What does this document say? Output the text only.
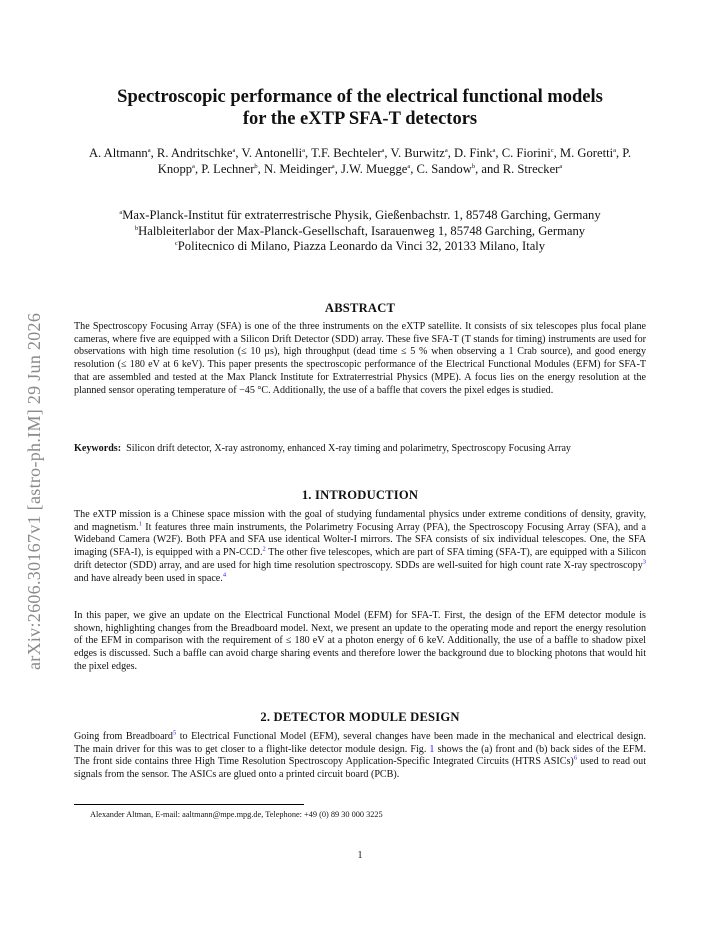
arXiv:2606.30167v1 [astro-ph.IM] 29 Jun 2026
Spectroscopic performance of the electrical functional models
for the eXTP SFA-T detectors
A. Altmann$^a$, R. Andritschke$^a$, V. Antonelli$^a$, T.F. Bechteler$^a$, V. Burwitz$^a$, D. Fink$^a$, C. Fiorini$^c$, M. Goretti$^a$, P. Knopp$^a$, P. Lechner$^b$, N. Meidinger$^a$, J.W. Muegge$^a$, C. Sandow$^b$, and R. Strecker$^a$
$^a$Max-Planck-Institut für extraterrestrische Physik, Gießenbachstr. 1, 85748 Garching, Germany
$^b$Halbleiterlabor der Max-Planck-Gesellschaft, Isarauenweg 1, 85748 Garching, Germany
$^c$Politecnico di Milano, Piazza Leonardo da Vinci 32, 20133 Milano, Italy
ABSTRACT

The Spectroscopy Focusing Array (SFA) is one of the three instruments on the eXTP satellite. It consists of six telescopes plus focal plane cameras, where five are equipped with a Silicon Drift Detector (SDD) array. These five SFA-T (T stands for timing) instruments are used for observations with high time resolution (≤ 10 µs), high throughput (dead time ≤ 5 % when observing a 1 Crab source), and good energy resolution (≤ 180 eV at 6 keV). This paper presents the spectroscopic performance of the Electrical Functional Modules (EFM) for SFA-T that are assembled and tested at the Max Planck Institute for Extraterrestrial Physics (MPE). A focus lies on the energy resolution at the planned sensor operating temperature of −45 °C. Additionally, the use of a baffle that covers the pixel edges is studied.

Keywords: Silicon drift detector, X-ray astronomy, enhanced X-ray timing and polarimetry, Spectroscopy Focusing Array

1. INTRODUCTION

The eXTP mission is a Chinese space mission with the goal of studying fundamental physics under extreme conditions of density, gravity, and magnetism.$^1$ It features three main instruments, the Polarimetry Focusing Array (PFA), the Spectroscopy Focusing Array (SFA), and a Wideband Camera (W2F). Both PFA and SFA use identical Wolter-I mirrors. The SFA consists of six individual telescopes. One, the SFA imaging (SFA-I), is equipped with a PN-CCD.$^2$ The other five telescopes, which are part of SFA timing (SFA-T), are equipped with a Silicon drift detector (SDD) array, and are used for high time resolution spectroscopy. SDDs are well-suited for high count rate X-ray spectroscopy$^3$ and have already been used in space.$^4$

In this paper, we give an update on the Electrical Functional Model (EFM) for SFA-T. First, the design of the EFM detector module is shown, highlighting changes from the Breadboard model. Next, we present an update to the operating mode and report the energy resolution of the EFM in comparison with the requirement of ≤ 180 eV at a photon energy of 6 keV. Additionally, the use of a baffle to shadow pixel edges is discussed. Such a baffle can avoid charge sharing events and therefore lower the background due to blocking photons that would hit the pixel edges.

2. DETECTOR MODULE DESIGN

Going from Breadboard$^5$ to Electrical Functional Model (EFM), several changes have been made in the mechanical and electrical design. The main driver for this was to get closer to a flight-like detector module design. Fig. 1 shows the (a) front and (b) back sides of the EFM. The front side contains three High Time Resolution Spectroscopy Application-Specific Integrated Circuits (HTRS ASICs)$^6$ used to read out signals from the sensor. The ASICs are glued onto a printed circuit board (PCB).

Alexander Altman, E-mail: aaltmann@mpe.mpg.de, Telephone: +49 (0) 89 30 000 3225
1
